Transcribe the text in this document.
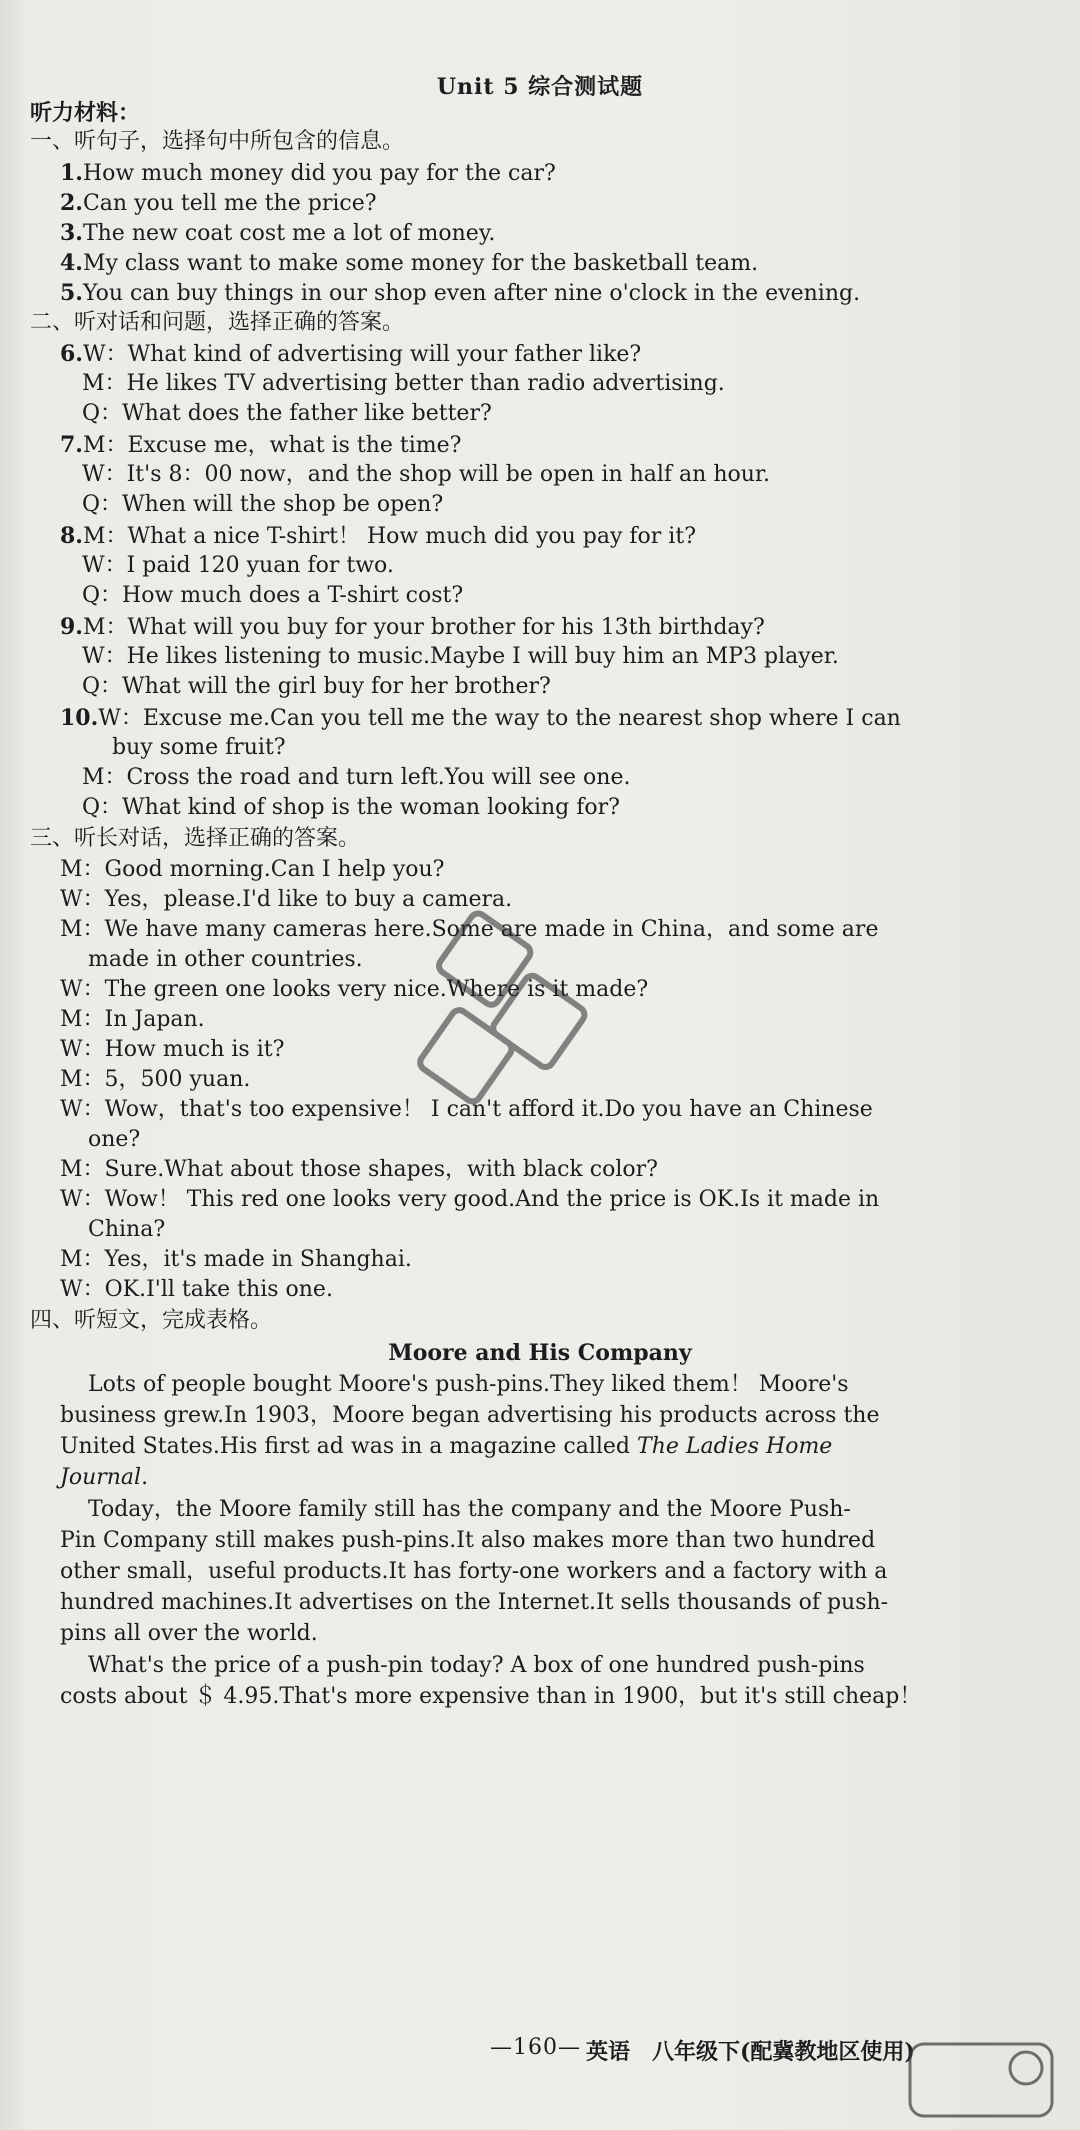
Unit 5 综合测试题
听力材料：
一、听句子，选择句中所包含的信息。
1.How much money did you pay for the car?
2.Can you tell me the price?
3.The new coat cost me a lot of money.
4.My class want to make some money for the basketball team.
5.You can buy things in our shop even after nine o'clock in the evening.
二、听对话和问题，选择正确的答案。
6.W：What kind of advertising will your father like?
M：He likes TV advertising better than radio advertising.
Q：What does the father like better?
7.M：Excuse me，what is the time?
W：It's 8：00 now，and the shop will be open in half an hour.
Q：When will the shop be open?
8.M：What a nice T-shirt！ How much did you pay for it?
W：I paid 120 yuan for two.
Q：How much does a T-shirt cost?
9.M：What will you buy for your brother for his 13th birthday?
W：He likes listening to music.Maybe I will buy him an MP3 player.
Q：What will the girl buy for her brother?
10.W：Excuse me.Can you tell me the way to the nearest shop where I can
buy some fruit?
M：Cross the road and turn left.You will see one.
Q：What kind of shop is the woman looking for?
三、听长对话，选择正确的答案。
M：Good morning.Can I help you?
W：Yes，please.I'd like to buy a camera.
M：We have many cameras here.Some are made in China，and some are
made in other countries.
W：The green one looks very nice.Where is it made?
M：In Japan.
W：How much is it?
M：5，500 yuan.
W：Wow，that's too expensive！ I can't afford it.Do you have an Chinese
one?
M：Sure.What about those shapes，with black color?
W：Wow！ This red one looks very good.And the price is OK.Is it made in
China?
M：Yes，it's made in Shanghai.
W：OK.I'll take this one.
四、听短文，完成表格。
Moore and His Company
Lots of people bought Moore's push-pins.They liked them！ Moore's
business grew.In 1903，Moore began advertising his products across the
United States.His first ad was in a magazine called The Ladies Home
Journal.
Today，the Moore family still has the company and the Moore Push-
Pin Company still makes push-pins.It also makes more than two hundred
other small，useful products.It has forty-one workers and a factory with a
hundred machines.It advertises on the Internet.It sells thousands of push-
pins all over the world.
What's the price of a push-pin today? A box of one hundred push-pins
costs about ＄ 4.95.That's more expensive than in 1900，but it's still cheap！
—160— 英语　八年级下(配冀教地区使用)
